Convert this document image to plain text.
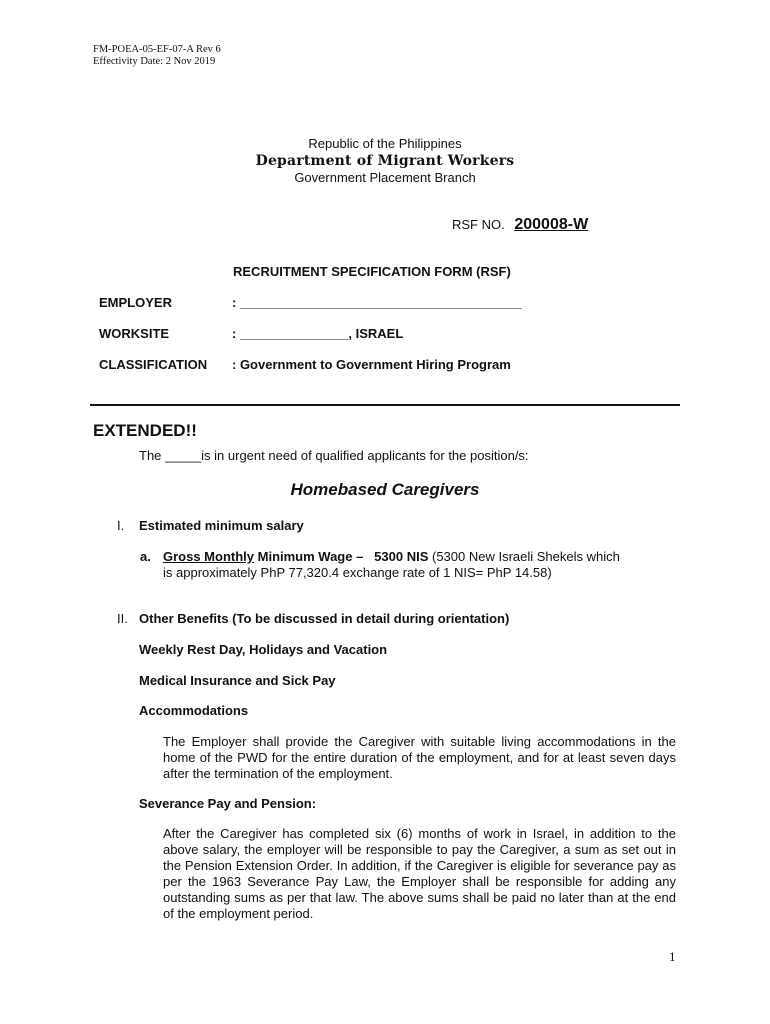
FM-POEA-05-EF-07-A Rev 6
Effectivity Date: 2 Nov 2019
Republic of the Philippines
Department of Migrant Workers
Government Placement Branch
RSF NO. 200008-W
RECRUITMENT SPECIFICATION FORM (RSF)
EMPLOYER	: _______________________________________
WORKSITE	: _______________, ISRAEL
CLASSIFICATION : Government to Government Hiring Program
EXTENDED!!
The _____is in urgent need of qualified applicants for the position/s:
Homebased Caregivers
I. Estimated minimum salary
a. Gross Monthly Minimum Wage –   5300 NIS (5300 New Israeli Shekels which
is approximately PhP 77,320.4 exchange rate of 1 NIS= PhP 14.58)
II. Other Benefits (To be discussed in detail during orientation)
Weekly Rest Day, Holidays and Vacation
Medical Insurance and Sick Pay
Accommodations
The Employer shall provide the Caregiver with suitable living accommodations in the home of the PWD for the entire duration of the employment, and for at least seven days after the termination of the employment.
Severance Pay and Pension:
After the Caregiver has completed six (6) months of work in Israel, in addition to the above salary, the employer will be responsible to pay the Caregiver, a sum as set out in the Pension Extension Order. In addition, if the Caregiver is eligible for severance pay as per the 1963 Severance Pay Law, the Employer shall be responsible for adding any outstanding sums as per that law. The above sums shall be paid no later than at the end of the employment period.
1
